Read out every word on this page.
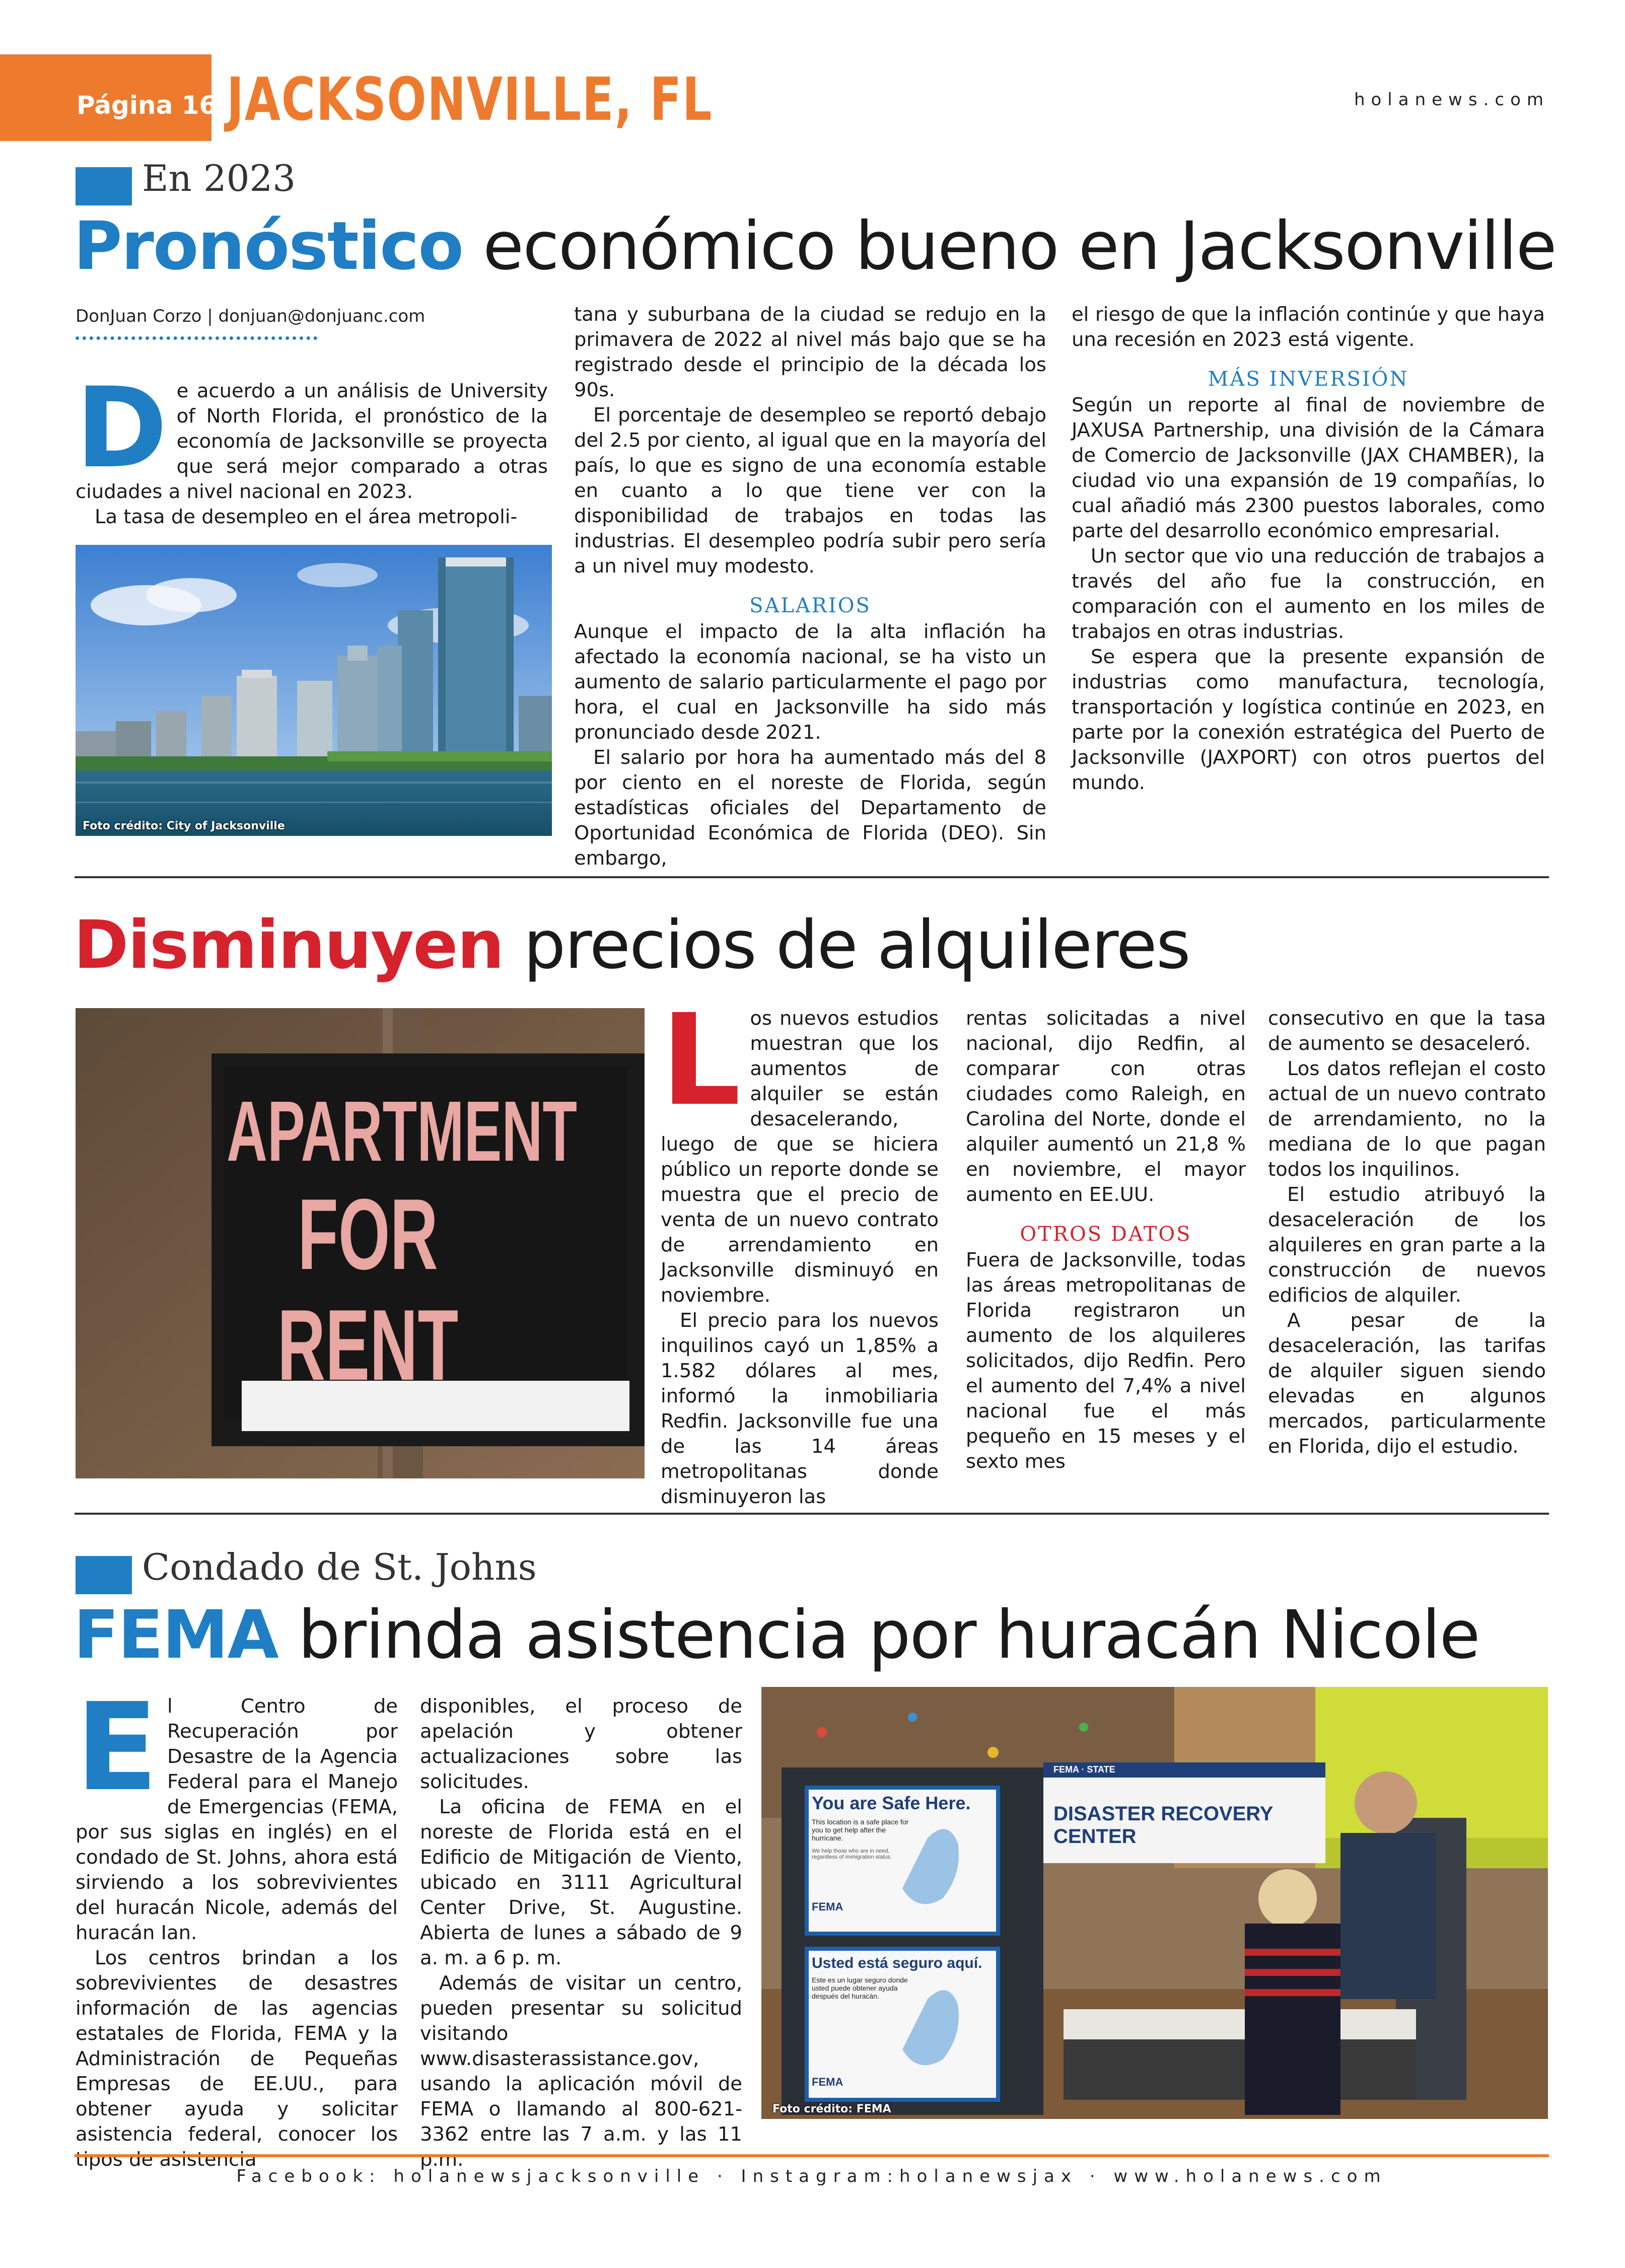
Página 16 JACKSONVILLE, FL	holanews.com
En 2023
Pronóstico económico bueno en Jacksonville
DonJuan Corzo | donjuan@donjuanc.com
D e acuerdo a un análisis de University of North Florida, el pronóstico de la economía de Jacksonville se proyecta que será mejor comparado a otras ciudades a nivel nacional en 2023.

La tasa de desempleo en el área metropoli-

Foto crédito: City of Jacksonville

tana y suburbana de la ciudad se redujo en la primavera de 2022 al nivel más bajo que se ha registrado desde el principio de la década los 90s.

El porcentaje de desempleo se reportó debajo del 2.5 por ciento, al igual que en la mayoría del país, lo que es signo de una economía estable en cuanto a lo que tiene ver con la disponibilidad de trabajos en todas las industrias. El desempleo podría subir pero sería a un nivel muy modesto.

SALARIOS

Aunque el impacto de la alta inflación ha afectado la economía nacional, se ha visto un aumento de salario particularmente el pago por hora, el cual en Jacksonville ha sido más pronunciado desde 2021.

El salario por hora ha aumentado más del 8 por ciento en el noreste de Florida, según estadísticas oficiales del Departamento de Oportunidad Económica de Florida (DEO). Sin embargo,

el riesgo de que la inflación continúe y que haya una recesión en 2023 está vigente.

MÁS INVERSIÓN

Según un reporte al final de noviembre de JAXUSA Partnership, una división de la Cámara de Comercio de Jacksonville (JAX CHAMBER), la ciudad vio una expansión de 19 compañías, lo cual añadió más 2300 puestos laborales, como parte del desarrollo económico empresarial.

Un sector que vio una reducción de trabajos a través del año fue la construcción, en comparación con el aumento en los miles de trabajos en otras industrias.

Se espera que la presente expansión de industrias como manufactura, tecnología, transportación y logística continúe en 2023, en parte por la conexión estratégica del Puerto de Jacksonville (JAXPORT) con otros puertos del mundo.

Disminuyen precios de alquileres
APARTMENT
FOR RENT
L os nuevos estudios muestran que los aumentos de alquiler se están desacelerando, luego de que se hiciera público un reporte donde se muestra que el precio de venta de un nuevo contrato de arrendamiento en Jacksonville disminuyó en noviembre.

El precio para los nuevos inquilinos cayó un 1,85% a 1.582 dólares al mes, informó la inmobiliaria Redfin. Jacksonville fue una de las 14 áreas metropolitanas donde disminuyeron las

rentas solicitadas a nivel nacional, dijo Redfin, al comparar con otras ciudades como Raleigh, en Carolina del Norte, donde el alquiler aumentó un 21,8 % en noviembre, el mayor aumento en EE.UU.

OTROS DATOS

Fuera de Jacksonville, todas las áreas metropolitanas de Florida registraron un aumento de los alquileres solicitados, dijo Redfin. Pero el aumento del 7,4% a nivel nacional fue el más pequeño en 15 meses y el sexto mes

consecutivo en que la tasa de aumento se desaceleró.

Los datos reflejan el costo actual de un nuevo contrato de arrendamiento, no la mediana de lo que pagan todos los inquilinos.

El estudio atribuyó la desaceleración de los alquileres en gran parte a la construcción de nuevos edificios de alquiler.

A pesar de la desaceleración, las tarifas de alquiler siguen siendo elevadas en algunos mercados, particularmente en Florida, dijo el estudio.

Condado de St. Johns
FEMA brinda asistencia por huracán Nicole
E l Centro de Recuperación por Desastre de la Agencia Federal para el Manejo de Emergencias (FEMA, por sus siglas en inglés) en el condado de St. Johns, ahora está sirviendo a los sobrevivientes del huracán Nicole, además del huracán Ian.

Los centros brindan a los sobrevivientes de desastres información de las agencias estatales de Florida, FEMA y la Administración de Pequeñas Empresas de EE.UU., para obtener ayuda y solicitar asistencia federal, conocer los tipos de asistencia

disponibles, el proceso de apelación y obtener actualizaciones sobre las solicitudes.

La oficina de FEMA en el noreste de Florida está en el Edificio de Mitigación de Viento, ubicado en 3111 Agricultural Center Drive, St. Augustine. Abierta de lunes a sábado de 9 a. m. a 6 p. m.

Además de visitar un centro, pueden presentar su solicitud visitando www.disasterassistance.gov, usando la aplicación móvil de FEMA o llamando al 800-621-3362 entre las 7 a.m. y las 11 p.m.

You are Safe Here.
This location is a safe place for you to get help after the hurricane.
We help those who are in need, regardless of immigration status.
FEMA
Usted está seguro aquí.
Este es un lugar seguro donde usted puede obtener ayuda después del huracán.
FEMA
FEMA · STATE
DISASTER RECOVERY CENTER
Foto crédito: FEMA
Facebook: holanewsjacksonville · Instagram:holanewsjax · www.holanews.com
